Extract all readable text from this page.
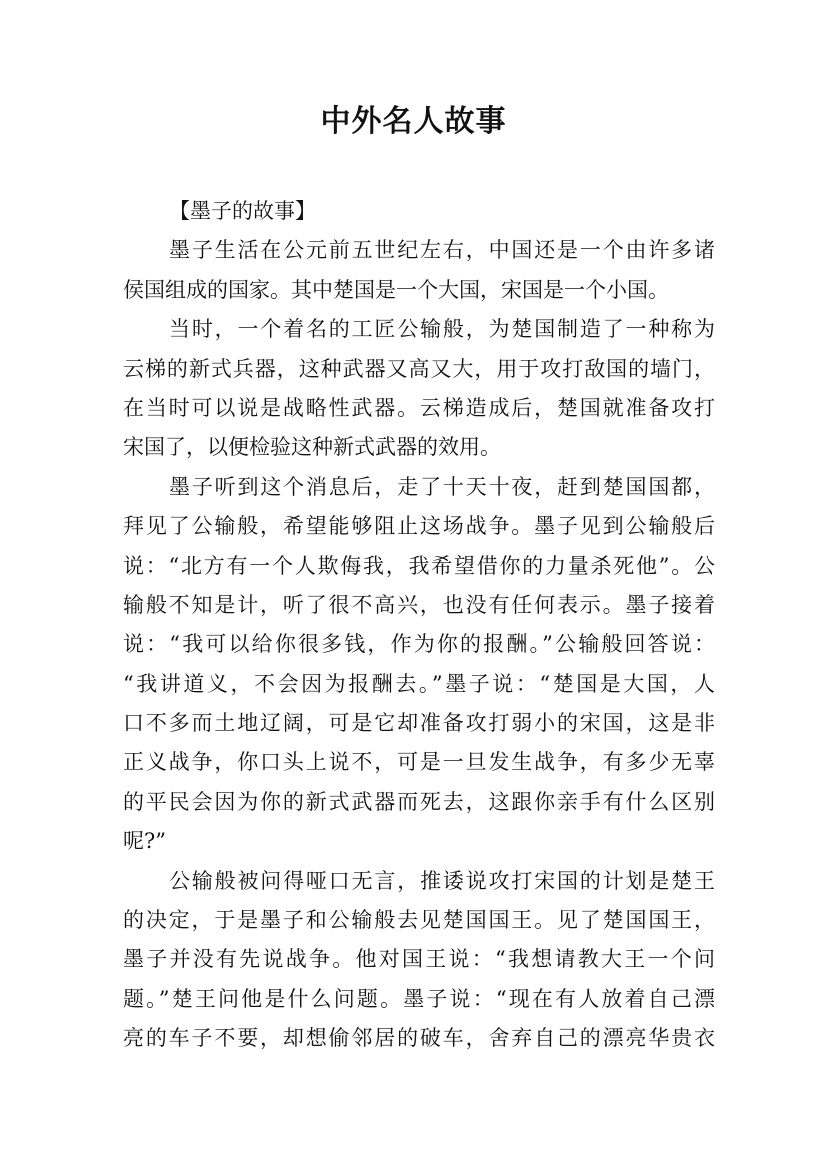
中外名人故事
【墨子的故事】
墨子生活在公元前五世纪左右，中国还是一个由许多诸
侯国组成的国家。其中楚国是一个大国，宋国是一个小国。
当时，一个着名的工匠公输般，为楚国制造了一种称为
云梯的新式兵器，这种武器又高又大，用于攻打敌国的墙门，
在当时可以说是战略性武器。云梯造成后，楚国就准备攻打
宋国了，以便检验这种新式武器的效用。
墨子听到这个消息后，走了十天十夜，赶到楚国国都，
拜见了公输般，希望能够阻止这场战争。墨子见到公输般后
说：“北方有一个人欺侮我，我希望借你的力量杀死他”。公
输般不知是计，听了很不高兴，也没有任何表示。墨子接着
说：“我可以给你很多钱，作为你的报酬。”公输般回答说：
“我讲道义，不会因为报酬去。”墨子说：“楚国是大国，人
口不多而土地辽阔，可是它却准备攻打弱小的宋国，这是非
正义战争，你口头上说不，可是一旦发生战争，有多少无辜
的平民会因为你的新式武器而死去，这跟你亲手有什么区别
呢?”
公输般被问得哑口无言，推诿说攻打宋国的计划是楚王
的决定，于是墨子和公输般去见楚国国王。见了楚国国王，
墨子并没有先说战争。他对国王说：“我想请教大王一个问
题。”楚王问他是什么问题。墨子说：“现在有人放着自己漂
亮的车子不要，却想偷邻居的破车，舍弃自己的漂亮华贵衣
